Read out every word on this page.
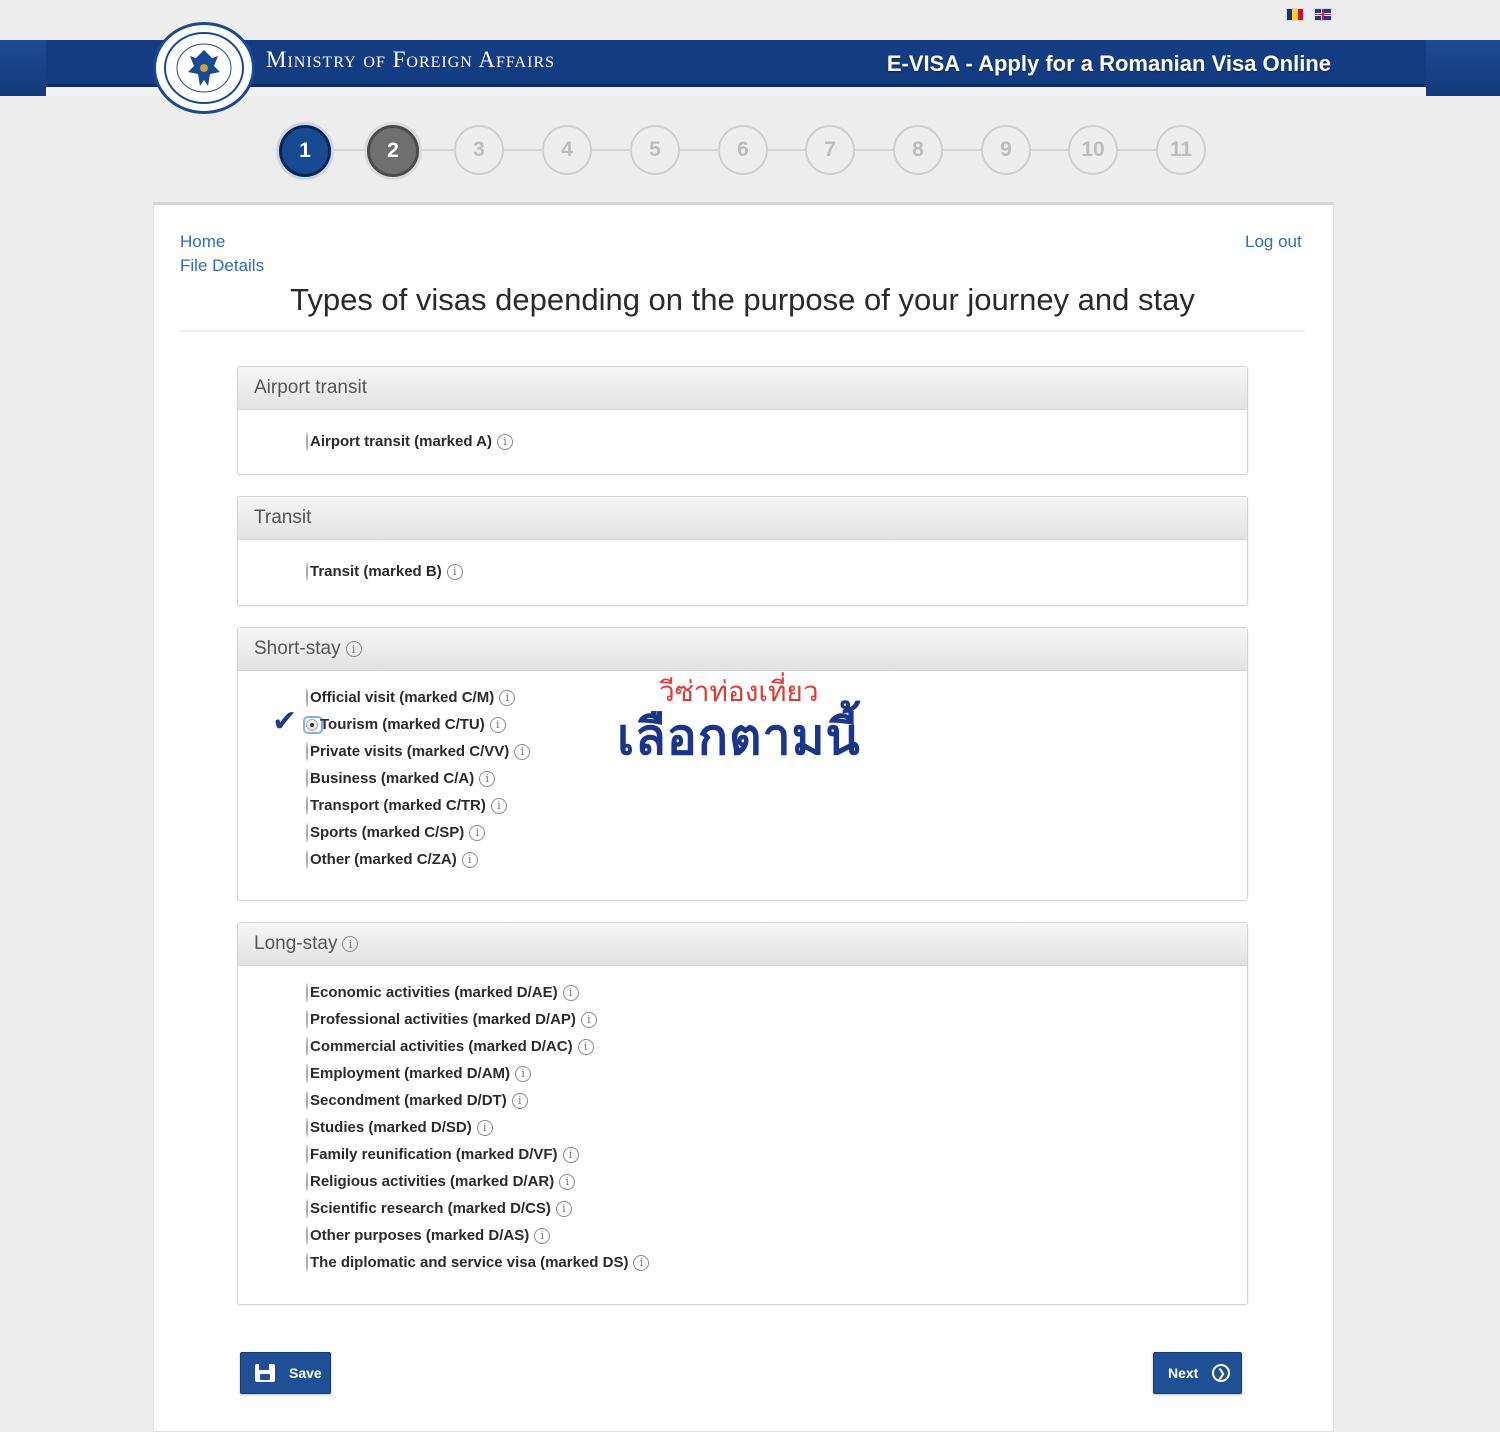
Ministry of Foreign Affairs	E-VISA - Apply for a Romanian Visa Online
1	2	3	4	5	6	7	8	9	10	11
Home
File Details
Log out
Types of visas depending on the purpose of your journey and stay
Airport transit
Airport transit (marked A)	i
Transit
Transit (marked B)	i
Short-stay	i
Official visit (marked C/M)	i
Tourism (marked C/TU)	i
Private visits (marked C/VV)	i
Business (marked C/A)	i
Transport (marked C/TR)	i
Sports (marked C/SP)	i
Other (marked C/ZA)	i
Long-stay	i
Economic activities (marked D/AE)	i
Professional activities (marked D/AP)	i
Commercial activities (marked D/AC)	i
Employment (marked D/AM)	i
Secondment (marked D/DT)	i
Studies (marked D/SD)	i
Family reunification (marked D/VF)	i
Religious activities (marked D/AR)	i
Scientific research (marked D/CS)	i
Other purposes (marked D/AS)	i
The diplomatic and service visa (marked DS)	i
✔
วีซ่าท่องเที่ยว
เลือกตามนี้
Save	Next	❯
